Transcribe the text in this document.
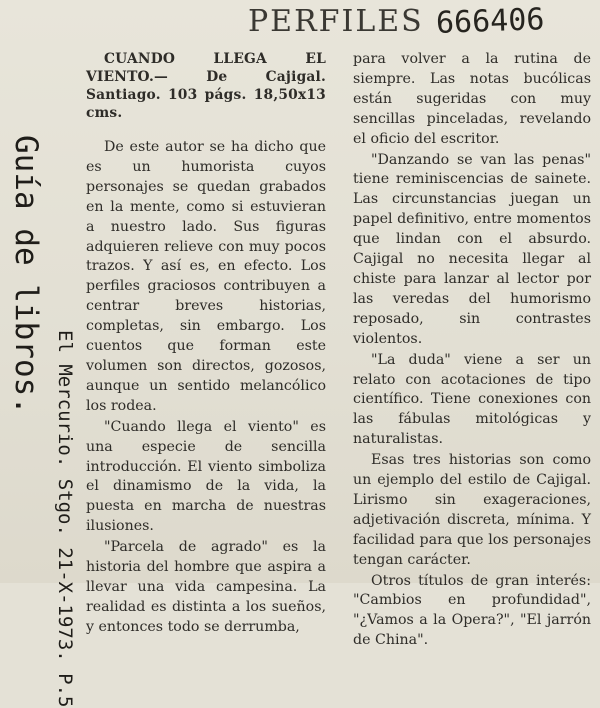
PERFILES 666406
Guía de libros.
El Mercurio. Stgo. 21-X-1973. P.5

CUANDO LLEGA EL VIENTO.— De Cajigal. Santiago. 103 págs. 18,50x13 cms.

De este autor se ha dicho que es un humorista cuyos personajes se quedan grabados en la mente, como si estuvieran a nuestro lado. Sus figuras adquieren relieve con muy pocos trazos. Y así es, en efecto. Los perfiles graciosos contribuyen a centrar breves historias, completas, sin embargo. Los cuentos que forman este volumen son directos, gozosos, aunque un sentido melancólico los rodea.

"Cuando llega el viento" es una especie de sencilla introducción. El viento simboliza el dinamismo de la vida, la puesta en marcha de nuestras ilusiones.

"Parcela de agrado" es la historia del hombre que aspira a llevar una vida campesina. La realidad es distinta a los sueños, y entonces todo se derrumba,

para volver a la rutina de siempre. Las notas bucólicas están sugeridas con muy sencillas pinceladas, revelando el oficio del escritor.

"Danzando se van las penas" tiene reminiscencias de sainete. Las circunstancias juegan un papel definitivo, entre momentos que lindan con el absurdo. Cajigal no necesita llegar al chiste para lanzar al lector por las veredas del humorismo reposado, sin contrastes violentos.

"La duda" viene a ser un relato con acotaciones de tipo científico. Tiene conexiones con las fábulas mitológicas y naturalistas.

Esas tres historias son como un ejemplo del estilo de Cajigal. Lirismo sin exageraciones, adjetivación discreta, mínima. Y facilidad para que los personajes tengan carácter.

Otros títulos de gran interés: "Cambios en profundidad", "¿Vamos a la Opera?", "El jarrón de China".
